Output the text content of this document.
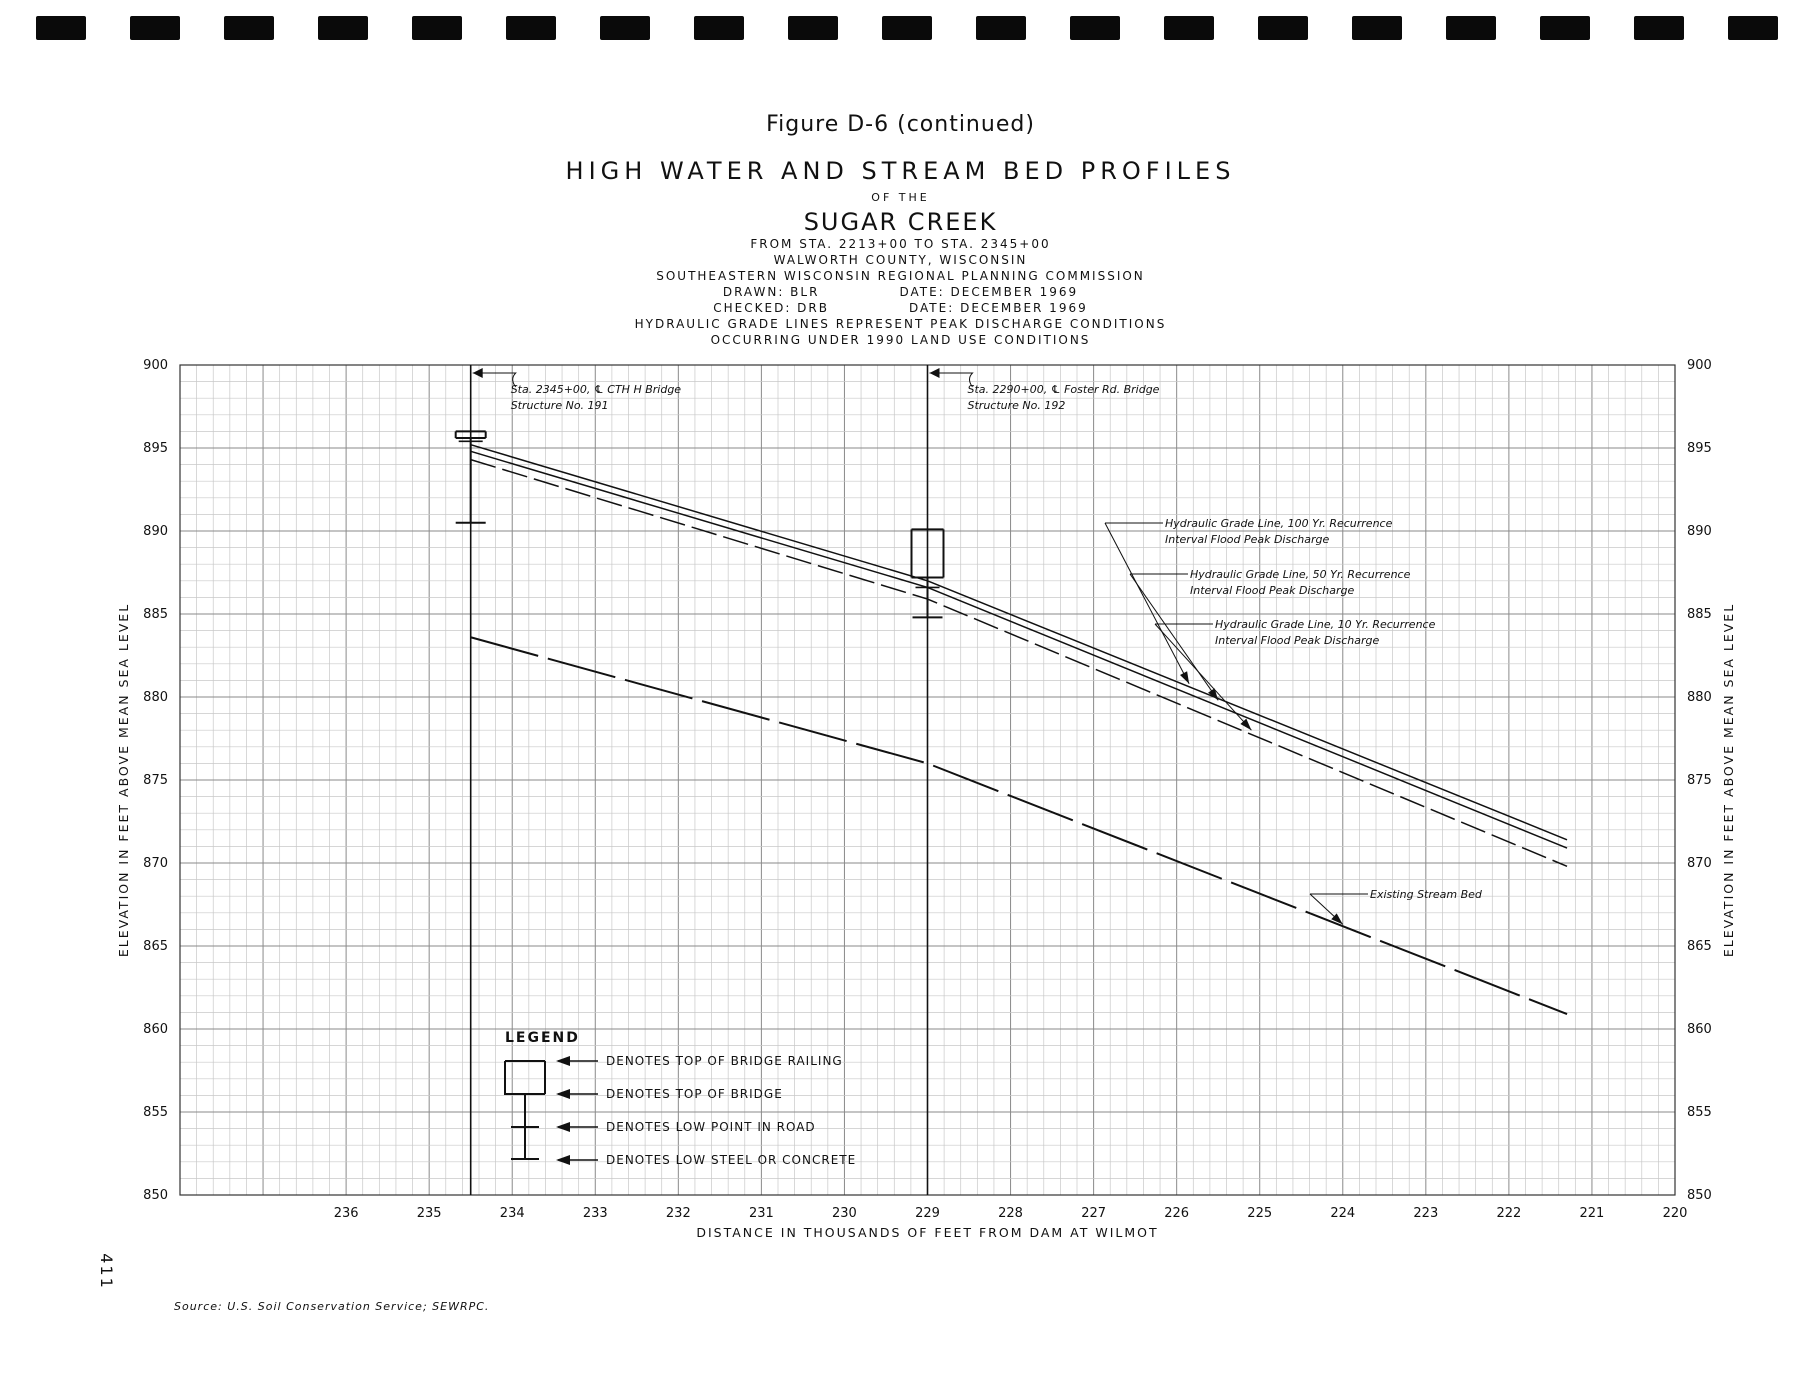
Figure D-6 (continued)
HIGH WATER AND STREAM BED PROFILES
OF THE
SUGAR CREEK
FROM STA. 2213+00 TO STA. 2345+00
WALWORTH COUNTY, WISCONSIN
SOUTHEASTERN WISCONSIN REGIONAL PLANNING COMMISSION
DRAWN: BLR	DATE: DECEMBER 1969
CHECKED: DRB	DATE: DECEMBER 1969
HYDRAULIC GRADE LINES REPRESENT PEAK DISCHARGE CONDITIONS
OCCURRING UNDER 1990 LAND USE CONDITIONS
236	235	234	233	232	231	230	229	228	227	226	225	224	223	222	221	220
850	850
855	855
860	860
865	865
870	870
875	875
880	880
885	885
890	890
895	895
900	900
DISTANCE IN THOUSANDS OF FEET FROM DAM AT WILMOT
ELEVATION IN FEET ABOVE MEAN SEA LEVEL	ELEVATION IN FEET ABOVE MEAN SEA LEVEL
Sta. 2345+00, ℄ CTH H Bridge
Structure No. 191
Sta. 2290+00, ℄ Foster Rd. Bridge
Structure No. 192
Hydraulic Grade Line, 100 Yr. Recurrence
Interval Flood Peak Discharge
Hydraulic Grade Line, 50 Yr. Recurrence
Interval Flood Peak Discharge
Hydraulic Grade Line, 10 Yr. Recurrence
Interval Flood Peak Discharge
Existing Stream Bed
LEGEND
DENOTES TOP OF BRIDGE RAILING
DENOTES TOP OF BRIDGE
DENOTES LOW POINT IN ROAD
DENOTES LOW STEEL OR CONCRETE
411
Source: U.S. Soil Conservation Service; SEWRPC.
